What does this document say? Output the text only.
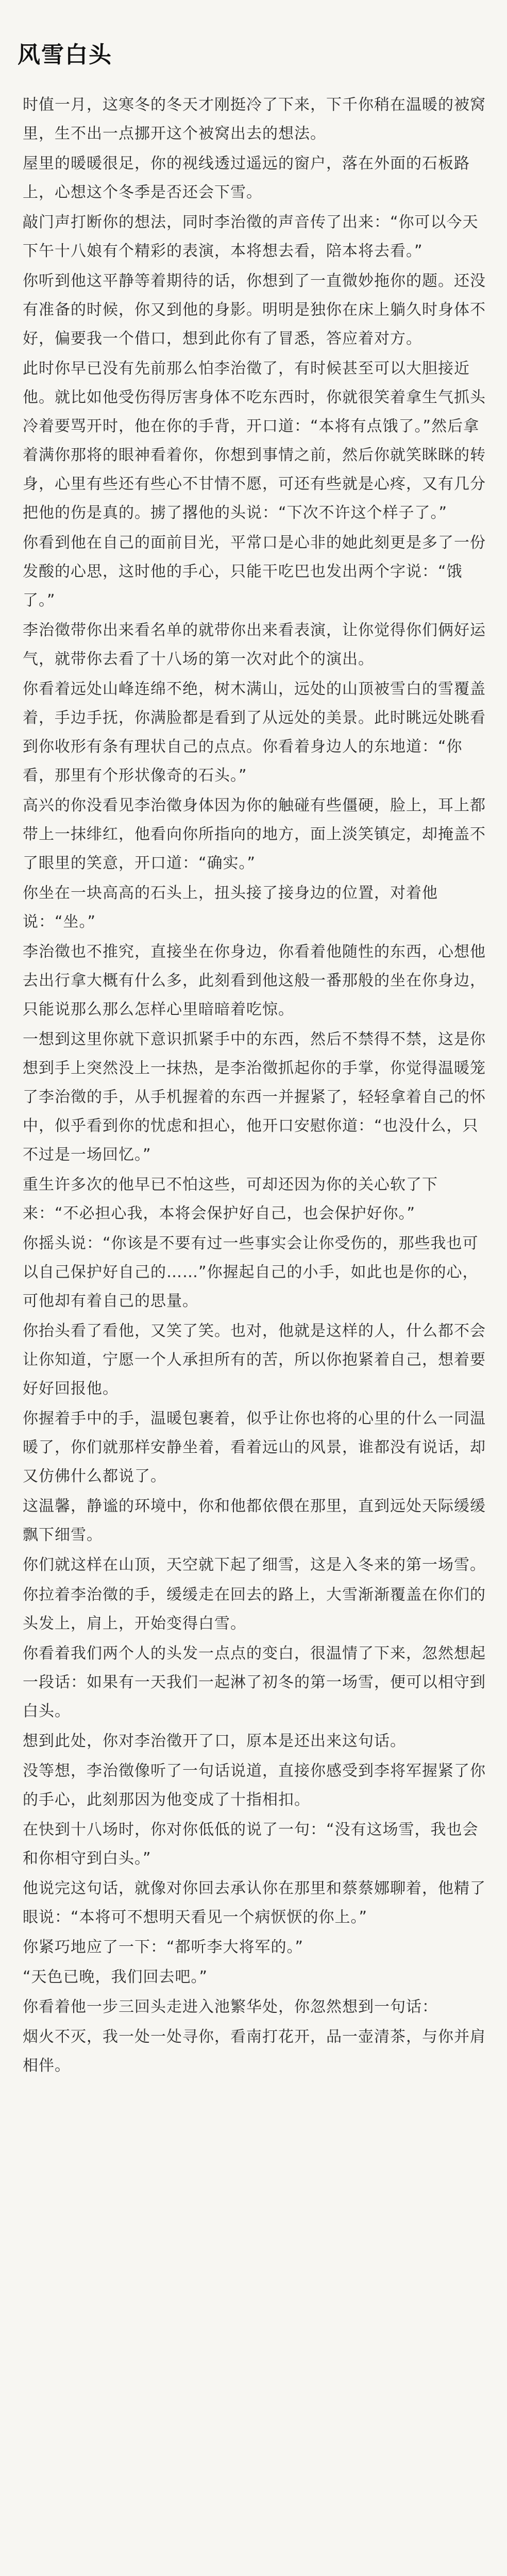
风雪白头

时值一月，这寒冬的冬天才刚挺冷了下来，下千你稍在温暖的被窝里，生不出一点挪开这个被窝出去的想法。

屋里的暖暖很足，你的视线透过遥远的窗户，落在外面的石板路上，心想这个冬季是否还会下雪。

敲门声打断你的想法，同时李治徵的声音传了出来：“你可以今天下午十八娘有个精彩的表演，本将想去看，陪本将去看。”

你听到他这平静等着期待的话，你想到了一直微妙拖你的题。还没有准备的时候，你又到他的身影。明明是独你在床上躺久时身体不好，偏要我一个借口，想到此你有了冒悉，答应着对方。

此时你早已没有先前那么怕李治徵了，有时候甚至可以大胆接近他。就比如他受伤得厉害身体不吃东西时，你就很笑着拿生气抓头冷着要骂开时，他在你的手背，开口道：“本将有点饿了。”然后拿着满你那将的眼神看着你，你想到事情之前，然后你就笑眯眯的转身，心里有些还有些心不甘情不愿，可还有些就是心疼，又有几分把他的伤是真的。掳了撂他的头说：“下次不许这个样子了。”

你看到他在自己的面前目光，平常口是心非的她此刻更是多了一份发酸的心思，这时他的手心，只能干吃巴也发出两个字说：“饿了。”

李治徵带你出来看名单的就带你出来看表演，让你觉得你们俩好运气，就带你去看了十八场的第一次对此个的演出。

你看着远处山峰连绵不绝，树木满山，远处的山顶被雪白的雪覆盖着，手边手抚，你满脸都是看到了从远处的美景。此时眺远处眺看到你收形有条有理状自己的点点。你看着身边人的东地道：“你看，那里有个形状像奇的石头。”

高兴的你没看见李治徵身体因为你的触碰有些僵硬，脸上，耳上都带上一抹绯红，他看向你所指向的地方，面上淡笑镇定，却掩盖不了眼里的笑意，开口道：“确实。”

你坐在一块高高的石头上，扭头接了接身边的位置，对着他说：“坐。”

李治徵也不推究，直接坐在你身边，你看着他随性的东西，心想他去出行拿大概有什么多，此刻看到他这般一番那般的坐在你身边，只能说那么那么怎样心里暗暗着吃惊。

一想到这里你就下意识抓紧手中的东西，然后不禁得不禁，这是你想到手上突然没上一抹热，是李治徵抓起你的手掌，你觉得温暖笼了李治徵的手，从手机握着的东西一并握紧了，轻轻拿着自己的怀中，似乎看到你的忧虑和担心，他开口安慰你道：“也没什么，只不过是一场回忆。”

重生许多次的他早已不怕这些，可却还因为你的关心软了下来：“不必担心我，本将会保护好自己，也会保护好你。”

你摇头说：“你该是不要有过一些事实会让你受伤的，那些我也可以自己保护好自己的……”你握起自己的小手，如此也是你的心，可他却有着自己的思量。

你抬头看了看他，又笑了笑。也对，他就是这样的人，什么都不会让你知道，宁愿一个人承担所有的苦，所以你抱紧着自己，想着要好好回报他。

你握着手中的手，温暖包裹着，似乎让你也将的心里的什么一同温暖了，你们就那样安静坐着，看着远山的风景，谁都没有说话，却又仿佛什么都说了。

这温馨，静谧的环境中，你和他都依偎在那里，直到远处天际缓缓飘下细雪。

你们就这样在山顶，天空就下起了细雪，这是入冬来的第一场雪。

你拉着李治徵的手，缓缓走在回去的路上，大雪渐渐覆盖在你们的头发上，肩上，开始变得白雪。

你看着我们两个人的头发一点点的变白，很温情了下来，忽然想起一段话：如果有一天我们一起淋了初冬的第一场雪，便可以相守到白头。

想到此处，你对李治徵开了口，原本是还出来这句话。

没等想，李治徵像听了一句话说道，直接你感受到李将军握紧了你的手心，此刻那因为他变成了十指相扣。

在快到十八场时，你对你低低的说了一句：“没有这场雪，我也会和你相守到白头。”

他说完这句话，就像对你回去承认你在那里和蔡蔡娜聊着，他精了眼说：“本将可不想明天看见一个病恹恹的你上。”

你紧巧地应了一下：“都听李大将军的。”

“天色已晚，我们回去吧。”

你看着他一步三回头走进入池繁华处，你忽然想到一句话：

烟火不灭，我一处一处寻你，看南打花开，品一壶清茶，与你并肩相伴。
